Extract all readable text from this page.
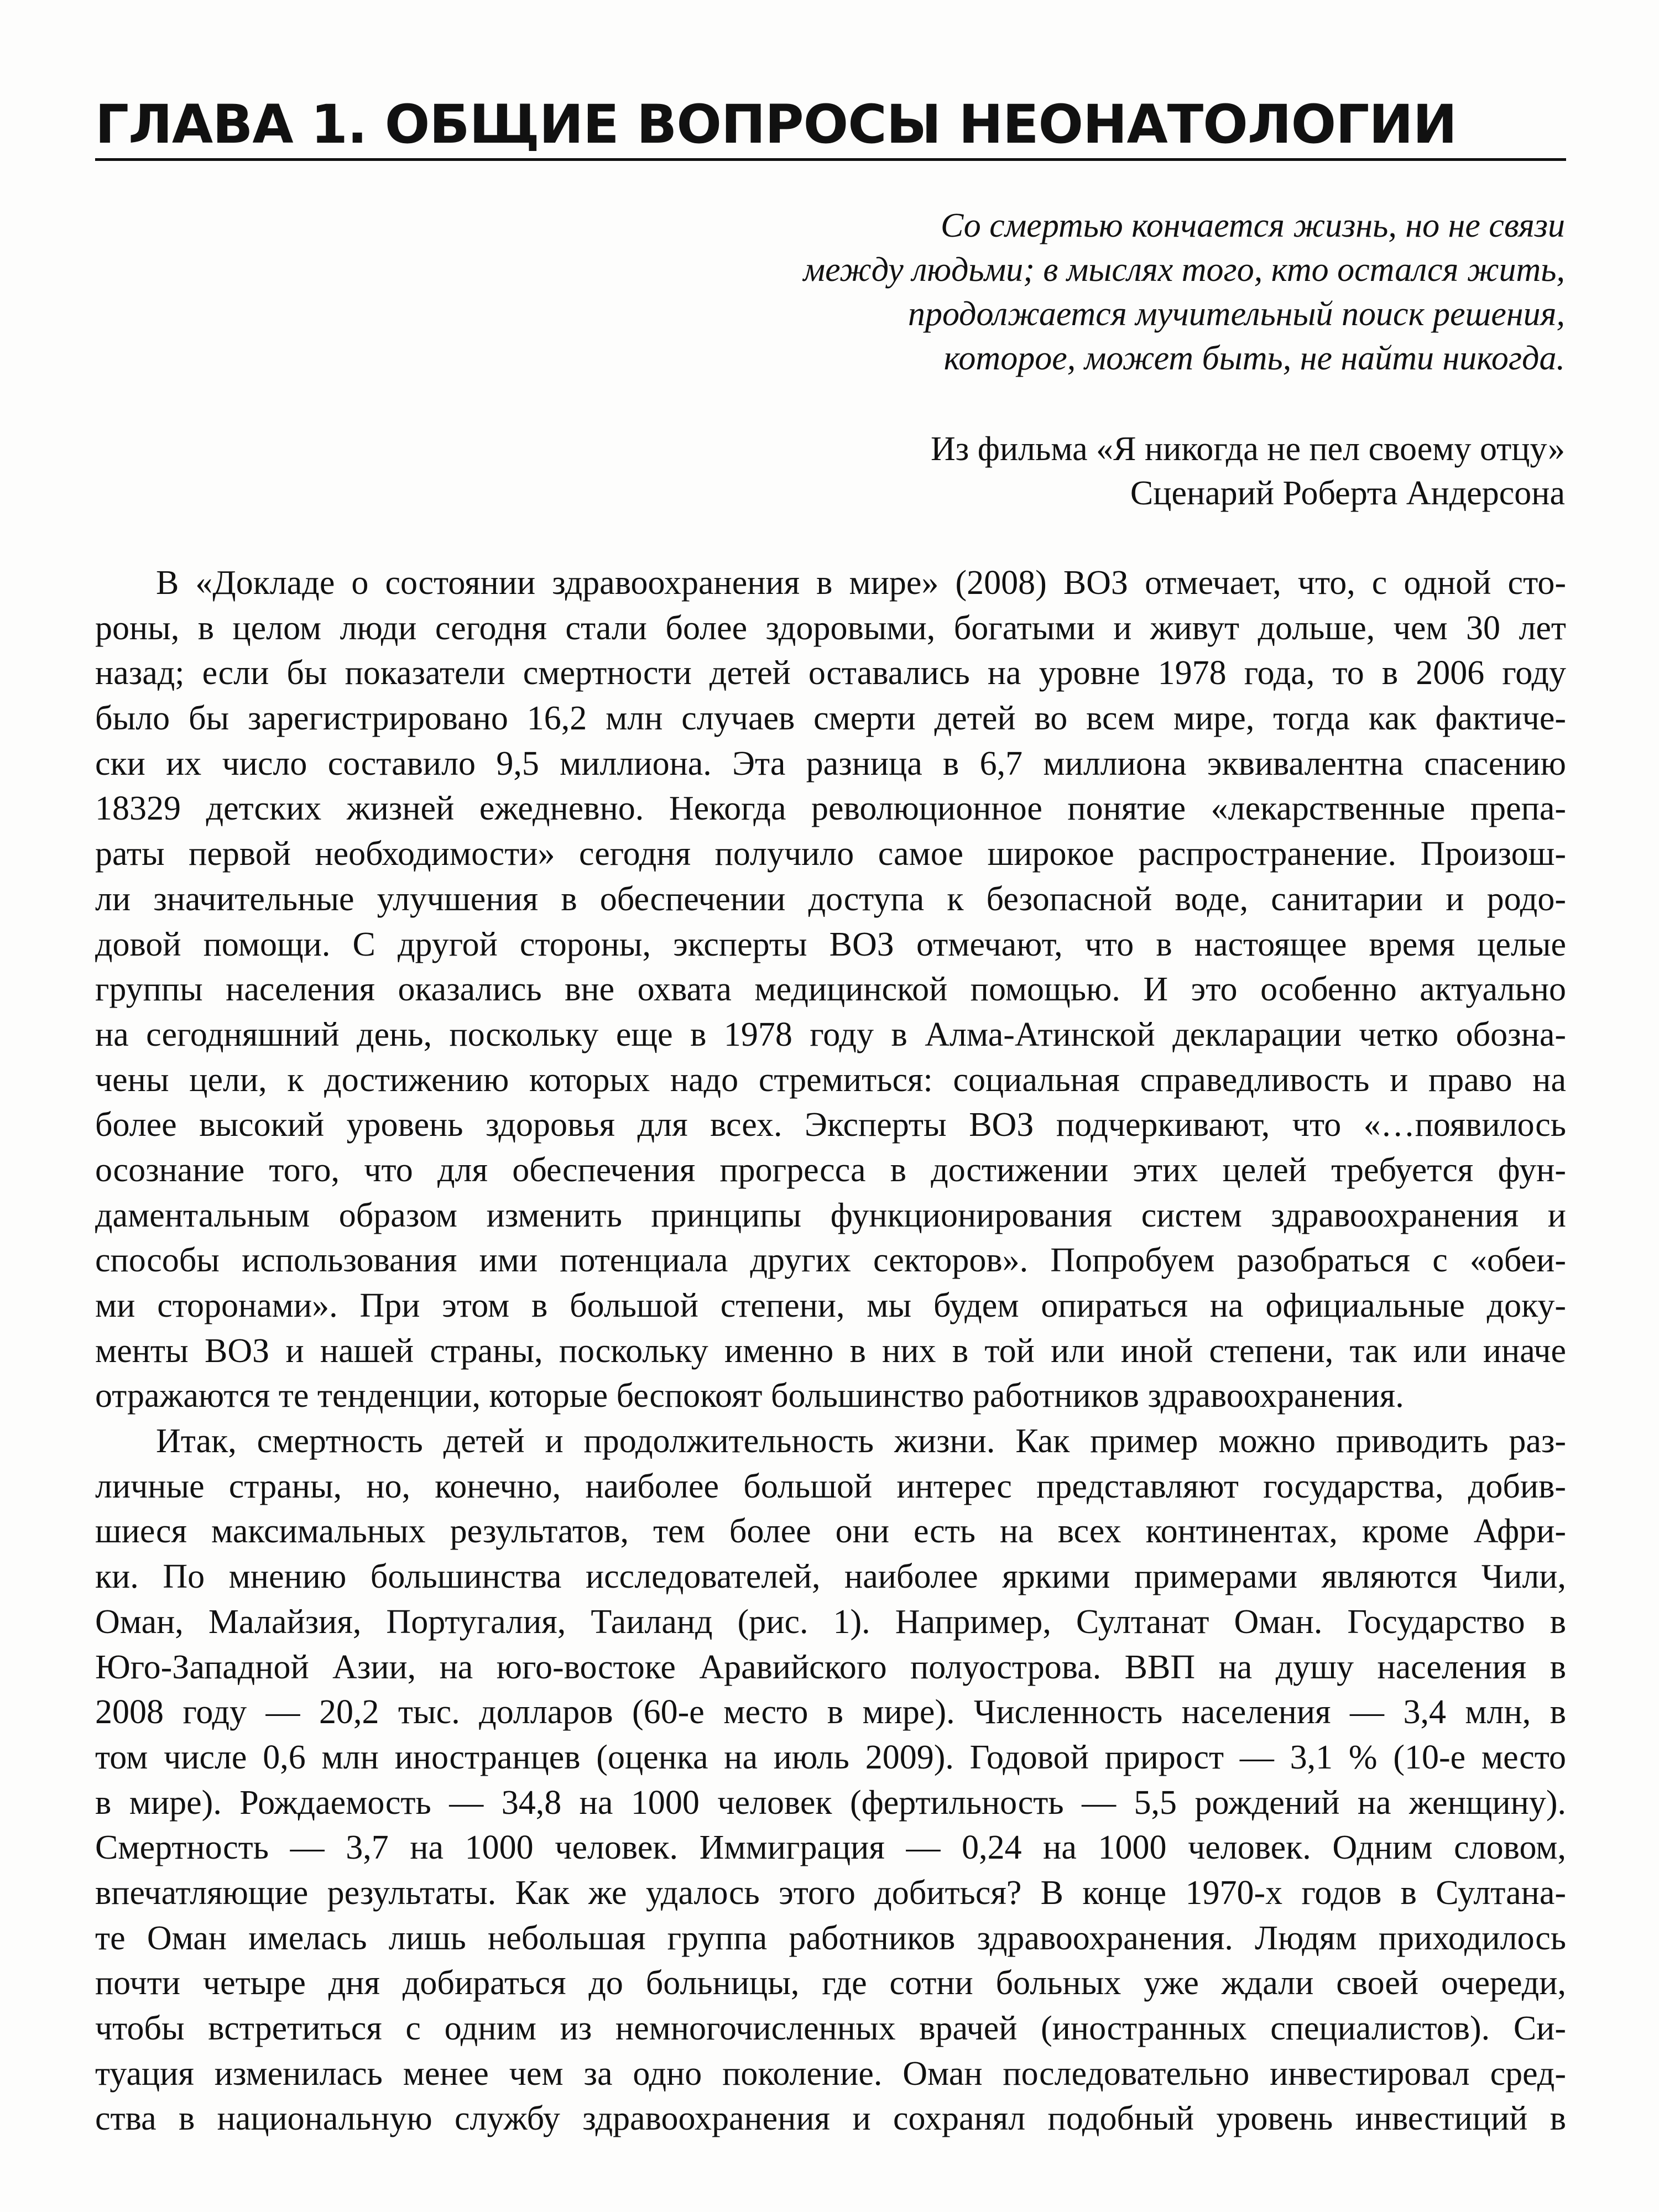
ГЛАВА 1. ОБЩИЕ ВОПРОСЫ НЕОНАТОЛОГИИ
Со смертью кончается жизнь, но не связи
между людьми; в мыслях того, кто остался жить,
продолжается мучительный поиск решения,
которое, может быть, не найти никогда.
Из фильма «Я никогда не пел своему отцу»
Сценарий Роберта Андерсона
В «Докладе о состоянии здравоохранения в мире» (2008) ВОЗ отмечает, что, с одной сто-
роны, в целом люди сегодня стали более здоровыми, богатыми и живут дольше, чем 30 лет
назад; если бы показатели смертности детей оставались на уровне 1978 года, то в 2006 году
было бы зарегистрировано 16,2 млн случаев смерти детей во всем мире, тогда как фактиче-
ски их число составило 9,5 миллиона. Эта разница в 6,7 миллиона эквивалентна спасению
18329 детских жизней ежедневно. Некогда революционное понятие «лекарственные препа-
раты первой необходимости» сегодня получило самое широкое распространение. Произош-
ли значительные улучшения в обеспечении доступа к безопасной воде, санитарии и родо-
довой помощи. С другой стороны, эксперты ВОЗ отмечают, что в настоящее время целые
группы населения оказались вне охвата медицинской помощью. И это особенно актуально
на сегодняшний день, поскольку еще в 1978 году в Алма-Атинской декларации четко обозна-
чены цели, к достижению которых надо стремиться: социальная справедливость и право на
более высокий уровень здоровья для всех. Эксперты ВОЗ подчеркивают, что «…появилось
осознание того, что для обеспечения прогресса в достижении этих целей требуется фун-
даментальным образом изменить принципы функционирования систем здравоохранения и
способы использования ими потенциала других секторов». Попробуем разобраться с «обеи-
ми сторонами». При этом в большой степени, мы будем опираться на официальные доку-
менты ВОЗ и нашей страны, поскольку именно в них в той или иной степени, так или иначе
отражаются те тенденции, которые беспокоят большинство работников здравоохранения.
Итак, смертность детей и продолжительность жизни. Как пример можно приводить раз-
личные страны, но, конечно, наиболее большой интерес представляют государства, добив-
шиеся максимальных результатов, тем более они есть на всех континентах, кроме Афри-
ки. По мнению большинства исследователей, наиболее яркими примерами являются Чили,
Оман, Малайзия, Португалия, Таиланд (рис. 1). Например, Султанат Оман. Государство в
Юго-Западной Азии, на юго-востоке Аравийского полуострова. ВВП на душу населения в
2008 году — 20,2 тыс. долларов (60-е место в мире). Численность населения — 3,4 млн, в
том числе 0,6 млн иностранцев (оценка на июль 2009). Годовой прирост — 3,1 % (10-е место
в мире). Рождаемость — 34,8 на 1000 человек (фертильность — 5,5 рождений на женщину).
Смертность — 3,7 на 1000 человек. Иммиграция — 0,24 на 1000 человек. Одним словом,
впечатляющие результаты. Как же удалось этого добиться? В конце 1970-х годов в Султана-
те Оман имелась лишь небольшая группа работников здравоохранения. Людям приходилось
почти четыре дня добираться до больницы, где сотни больных уже ждали своей очереди,
чтобы встретиться с одним из немногочисленных врачей (иностранных специалистов). Си-
туация изменилась менее чем за одно поколение. Оман последовательно инвестировал сред-
ства в национальную службу здравоохранения и сохранял подобный уровень инвестиций в
